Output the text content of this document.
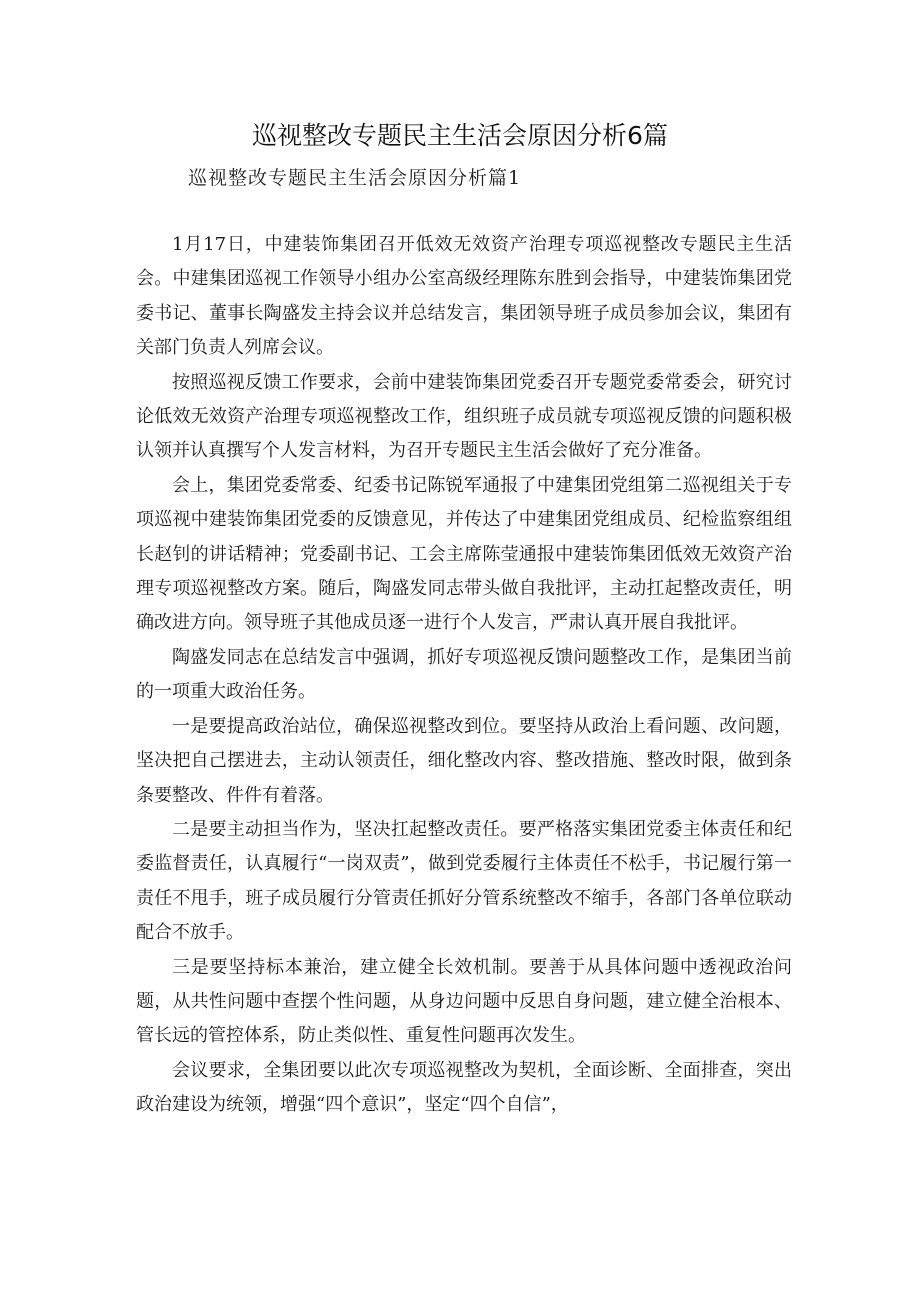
巡视整改专题民主生活会原因分析6篇

巡视整改专题民主生活会原因分析篇1

1月17日，中建装饰集团召开低效无效资产治理专项巡视整改专题民主生活会。中建集团巡视工作领导小组办公室高级经理陈东胜到会指导，中建装饰集团党委书记、董事长陶盛发主持会议并总结发言，集团领导班子成员参加会议，集团有关部门负责人列席会议。

按照巡视反馈工作要求，会前中建装饰集团党委召开专题党委常委会，研究讨论低效无效资产治理专项巡视整改工作，组织班子成员就专项巡视反馈的问题积极认领并认真撰写个人发言材料，为召开专题民主生活会做好了充分准备。

会上，集团党委常委、纪委书记陈锐军通报了中建集团党组第二巡视组关于专项巡视中建装饰集团党委的反馈意见，并传达了中建集团党组成员、纪检监察组组长赵钊的讲话精神；党委副书记、工会主席陈莹通报中建装饰集团低效无效资产治理专项巡视整改方案。随后，陶盛发同志带头做自我批评，主动扛起整改责任，明确改进方向。领导班子其他成员逐一进行个人发言，严肃认真开展自我批评。

陶盛发同志在总结发言中强调，抓好专项巡视反馈问题整改工作，是集团当前的一项重大政治任务。

一是要提高政治站位，确保巡视整改到位。要坚持从政治上看问题、改问题，坚决把自己摆进去，主动认领责任，细化整改内容、整改措施、整改时限，做到条条要整改、件件有着落。

二是要主动担当作为，坚决扛起整改责任。要严格落实集团党委主体责任和纪委监督责任，认真履行“一岗双责”，做到党委履行主体责任不松手，书记履行第一责任不甩手，班子成员履行分管责任抓好分管系统整改不缩手，各部门各单位联动配合不放手。

三是要坚持标本兼治，建立健全长效机制。要善于从具体问题中透视政治问题，从共性问题中查摆个性问题，从身边问题中反思自身问题，建立健全治根本、管长远的管控体系，防止类似性、重复性问题再次发生。

会议要求，全集团要以此次专项巡视整改为契机，全面诊断、全面排查，突出政治建设为统领，增强“四个意识”，坚定“四个自信”，
